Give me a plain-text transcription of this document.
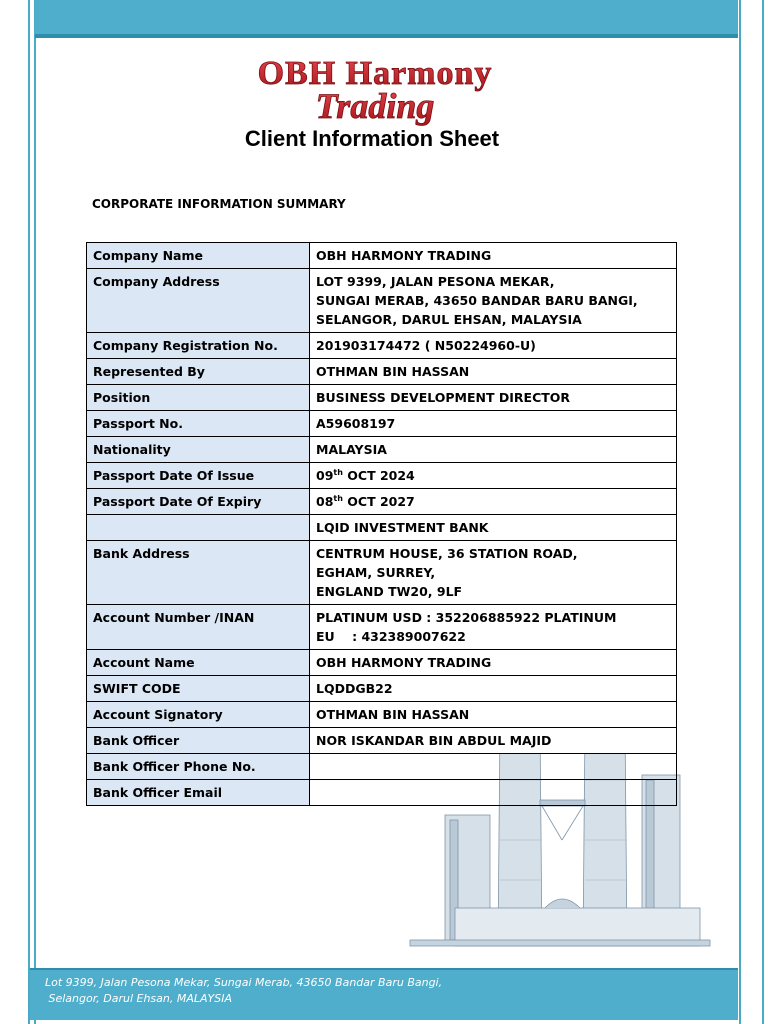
OBH Harmony
Trading
Client Information Sheet
CORPORATE INFORMATION SUMMARY
Company Name	OBH HARMONY TRADING
Company Address	LOT 9399, JALAN PESONA MEKAR,
SUNGAI MERAB, 43650 BANDAR BARU BANGI,
SELANGOR, DARUL EHSAN, MALAYSIA

Company Registration No.	201903174472 ( N50224960-U)
Represented By	OTHMAN BIN HASSAN
Position	BUSINESS DEVELOPMENT DIRECTOR
Passport No.	A59608197
Nationality	MALAYSIA
Passport Date Of Issue	09th OCT 2024
Passport Date Of Expiry	08th OCT 2027
	LQID INVESTMENT BANK
Bank Address	CENTRUM HOUSE, 36 STATION ROAD,
EGHAM, SURREY,
ENGLAND TW20, 9LF

Account Number /INAN	PLATINUM USD : 352206885922 PLATINUM
EU    : 432389007622

Account Name	OBH HARMONY TRADING
SWIFT CODE	LQDDGB22
Account Signatory	OTHMAN BIN HASSAN
Bank Officer	NOR ISKANDAR BIN ABDUL MAJID
Bank Officer Phone No.	
Bank Officer Email	
Lot 9399, Jalan Pesona Mekar, Sungai Merab, 43650 Bandar Baru Bangi,
Selangor, Darul Ehsan, MALAYSIA
